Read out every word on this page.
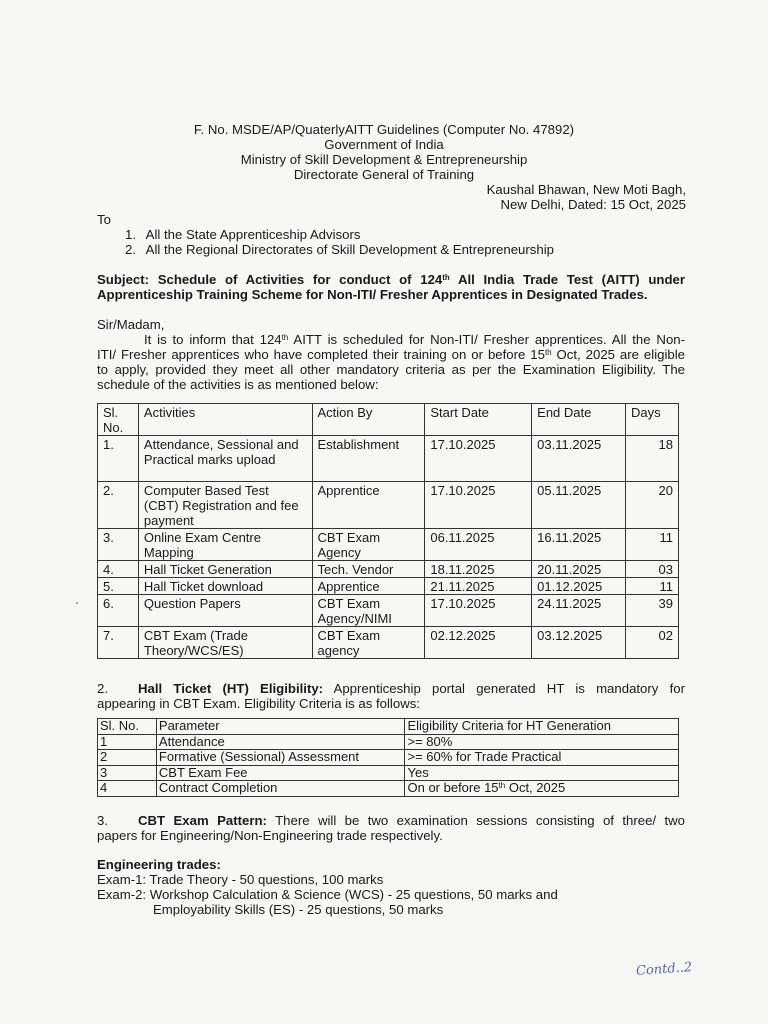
F. No. MSDE/AP/QuaterlyAITT Guidelines (Computer No. 47892)
Government of India
Ministry of Skill Development & Entrepreneurship
Directorate General of Training
Kaushal Bhawan, New Moti Bagh,
New Delhi, Dated: 15 Oct, 2025
To
1. All the State Apprenticeship Advisors
2. All the Regional Directorates of Skill Development & Entrepreneurship
Subject: Schedule of Activities for conduct of 124th All India Trade Test (AITT) under
Apprenticeship Training Scheme for Non-ITI/ Fresher Apprentices in Designated Trades.
Sir/Madam,
It is to inform that 124th AITT is scheduled for Non-ITI/ Fresher apprentices. All the Non-
ITI/ Fresher apprentices who have completed their training on or before 15th Oct, 2025 are eligible
to apply, provided they meet all other mandatory criteria as per the Examination Eligibility. The
schedule of the activities is as mentioned below:
Sl. No.	Activities	Action By	Start Date	End Date	Days
1.	Attendance, Sessional and Practical marks upload	Establishment	17.10.2025	03.11.2025	18
2.	Computer Based Test (CBT) Registration and fee payment	Apprentice	17.10.2025	05.11.2025	20
3.	Online Exam Centre Mapping	CBT Exam Agency	06.11.2025	16.11.2025	11
4.	Hall Ticket Generation	Tech. Vendor	18.11.2025	20.11.2025	03
5.	Hall Ticket download	Apprentice	21.11.2025	01.12.2025	11
6.	Question Papers	CBT Exam Agency/NIMI	17.10.2025	24.11.2025	39
7.	CBT Exam (Trade Theory/WCS/ES)	CBT Exam agency	02.12.2025	03.12.2025	02
2. Hall Ticket (HT) Eligibility: Apprenticeship portal generated HT is mandatory for
appearing in CBT Exam. Eligibility Criteria is as follows:
Sl. No.	Parameter	Eligibility Criteria for HT Generation
1	Attendance	>= 80%
2	Formative (Sessional) Assessment	>= 60% for Trade Practical
3	CBT Exam Fee	Yes
4	Contract Completion	On or before 15th Oct, 2025
3. CBT Exam Pattern: There will be two examination sessions consisting of three/ two
papers for Engineering/Non-Engineering trade respectively.
Engineering trades:
Exam-1: Trade Theory - 50 questions, 100 marks
Exam-2: Workshop Calculation & Science (WCS) - 25 questions, 50 marks and
Employability Skills (ES) - 25 questions, 50 marks
Contd..2
